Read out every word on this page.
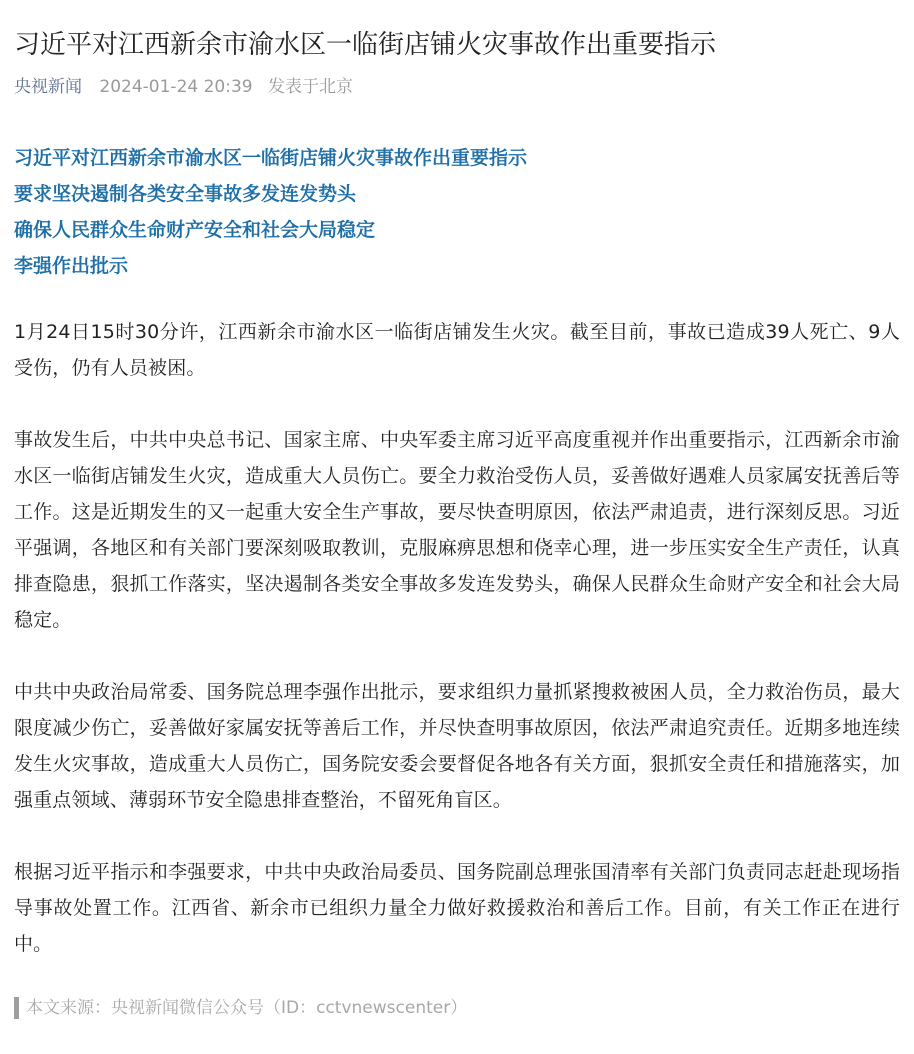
习近平对江西新余市渝水区一临街店铺火灾事故作出重要指示
央视新闻 2024-01-24 20:39 发表于北京
习近平对江西新余市渝水区一临街店铺火灾事故作出重要指示
要求坚决遏制各类安全事故多发连发势头
确保人民群众生命财产安全和社会大局稳定
李强作出批示

1月24日15时30分许，江西新余市渝水区一临街店铺发生火灾。截至目前，事故已造成39人死亡、9人受伤，仍有人员被困。

事故发生后，中共中央总书记、国家主席、中央军委主席习近平高度重视并作出重要指示，江西新余市渝水区一临街店铺发生火灾，造成重大人员伤亡。要全力救治受伤人员，妥善做好遇难人员家属安抚善后等工作。这是近期发生的又一起重大安全生产事故，要尽快查明原因，依法严肃追责，进行深刻反思。习近平强调，各地区和有关部门要深刻吸取教训，克服麻痹思想和侥幸心理，进一步压实安全生产责任，认真排查隐患，狠抓工作落实，坚决遏制各类安全事故多发连发势头，确保人民群众生命财产安全和社会大局稳定。

中共中央政治局常委、国务院总理李强作出批示，要求组织力量抓紧搜救被困人员，全力救治伤员，最大限度减少伤亡，妥善做好家属安抚等善后工作，并尽快查明事故原因，依法严肃追究责任。近期多地连续发生火灾事故，造成重大人员伤亡，国务院安委会要督促各地各有关方面，狠抓安全责任和措施落实，加强重点领域、薄弱环节安全隐患排查整治，不留死角盲区。

根据习近平指示和李强要求，中共中央政治局委员、国务院副总理张国清率有关部门负责同志赶赴现场指导事故处置工作。江西省、新余市已组织力量全力做好救援救治和善后工作。目前，有关工作正在进行中。

本文来源：央视新闻微信公众号（ID：cctvnewscenter）
